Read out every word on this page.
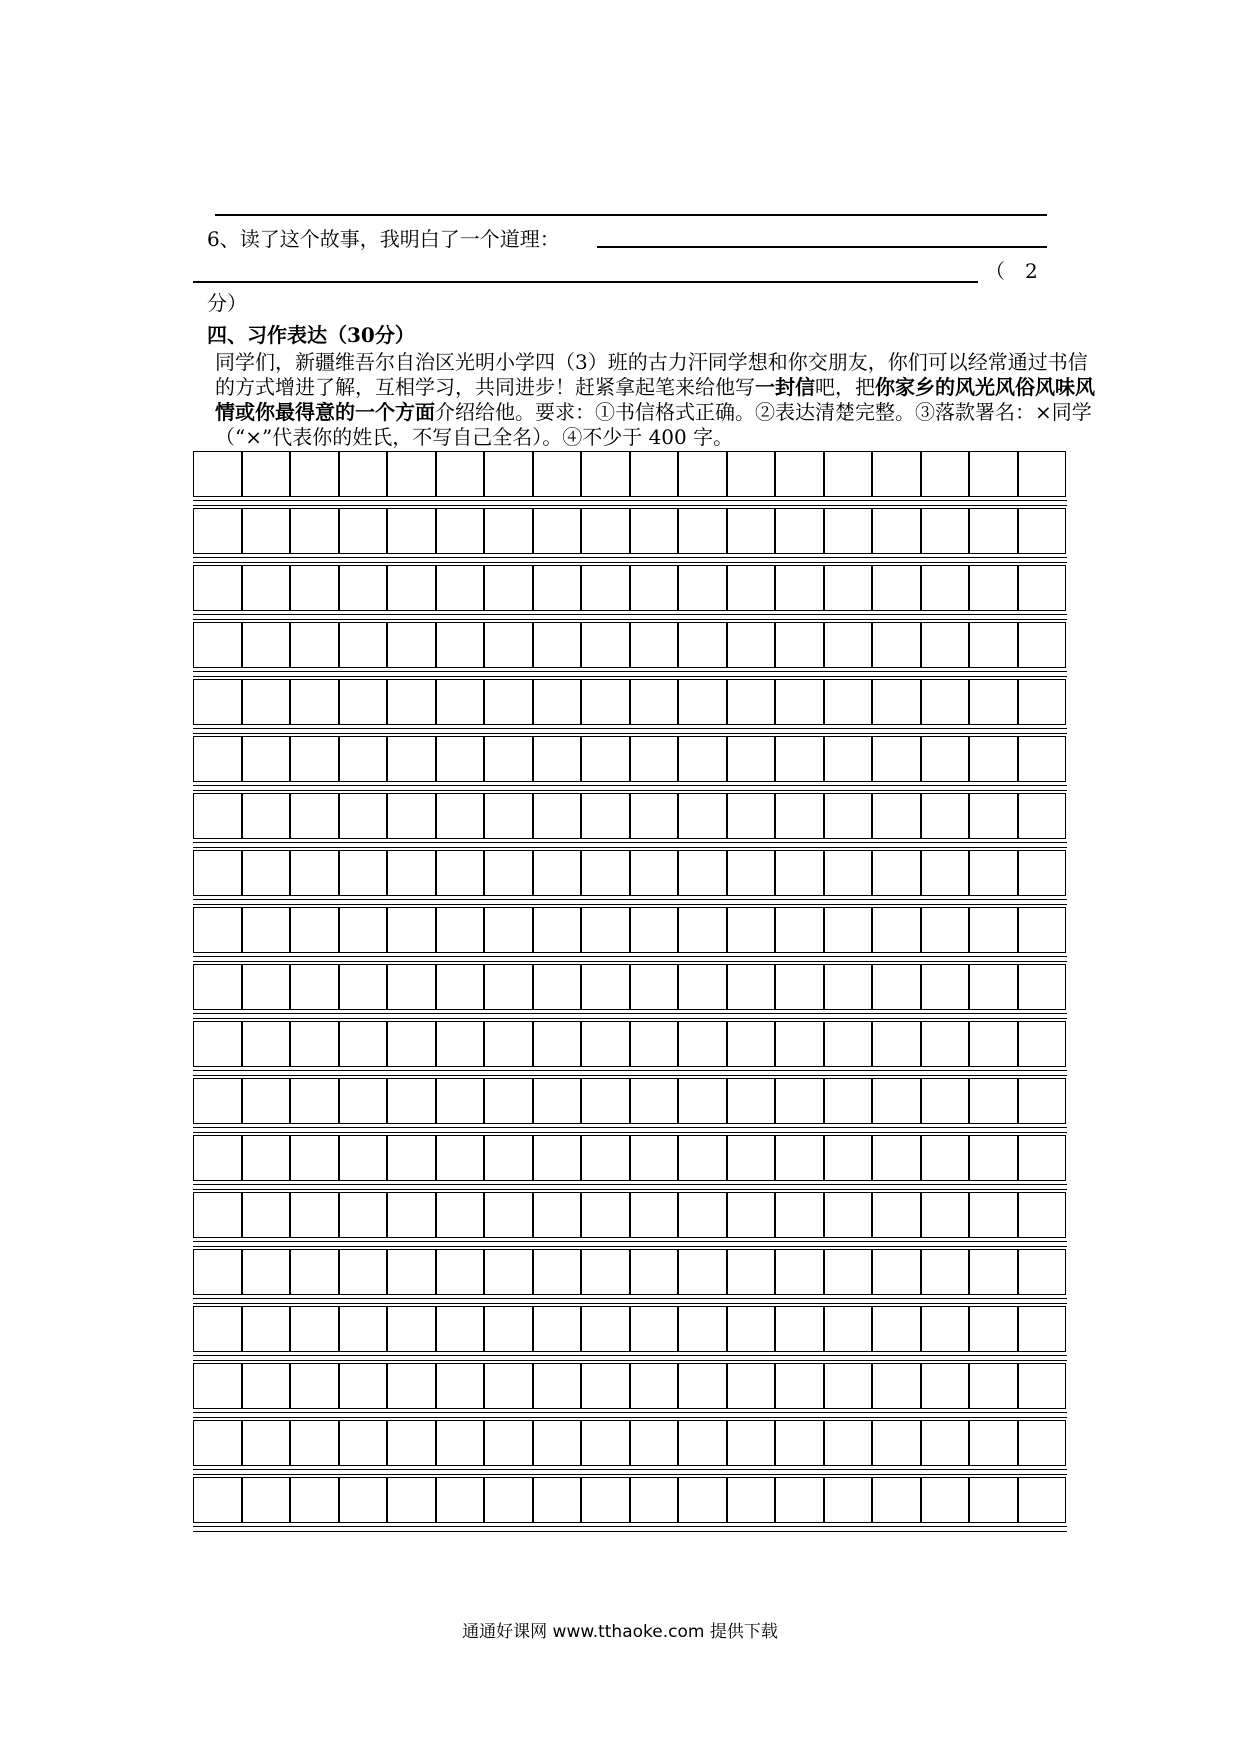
6、读了这个故事，我明白了一个道理：
（　2
分）
四、习作表达（30分）
同学们，新疆维吾尔自治区光明小学四（3）班的古力汗同学想和你交朋友，你们可以经常通过书信的方式增进了解，互相学习，共同进步！赶紧拿起笔来给他写一封信吧，把你家乡的风光风俗风味风情或你最得意的一个方面介绍给他。要求：①书信格式正确。②表达清楚完整。③落款署名：×同学（“×”代表你的姓氏，不写自己全名）。④不少于 400 字。
通通好课网 www.tthaoke.com 提供下载
